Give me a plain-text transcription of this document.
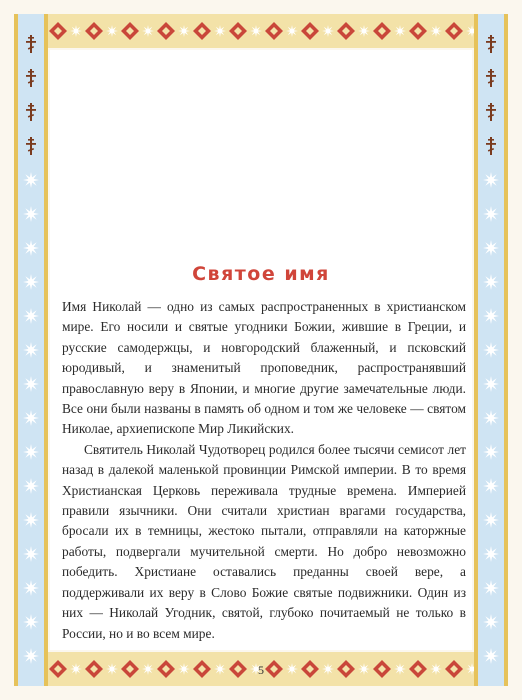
Святое имя

Имя Николай — одно из самых распространенных в христианском мире. Его носили и святые угодники Божии, жившие в Греции, и русские самодержцы, и новгородский блаженный, и псковский юродивый, и знаменитый проповедник, распространявший православную веру в Японии, и многие другие замечательные люди. Все они были названы в память об одном и том же человеке — святом Николае, архиепископе Мир Ликийских.

Святитель Николай Чудотворец родился более тысячи семисот лет назад в далекой маленькой провинции Римской империи. В то время Христианская Церковь переживала трудные времена. Империей правили язычники. Они считали христиан врагами государства, бросали их в темницы, жестоко пытали, отправляли на каторжные работы, подвергали мучительной смерти. Но добро невозможно победить. Христиане оставались преданны своей вере, а поддерживали их веру в Слово Божие святые подвижники. Один из них — Николай Угодник, святой, глубоко почитаемый не только в России, но и во всем мире.

5
